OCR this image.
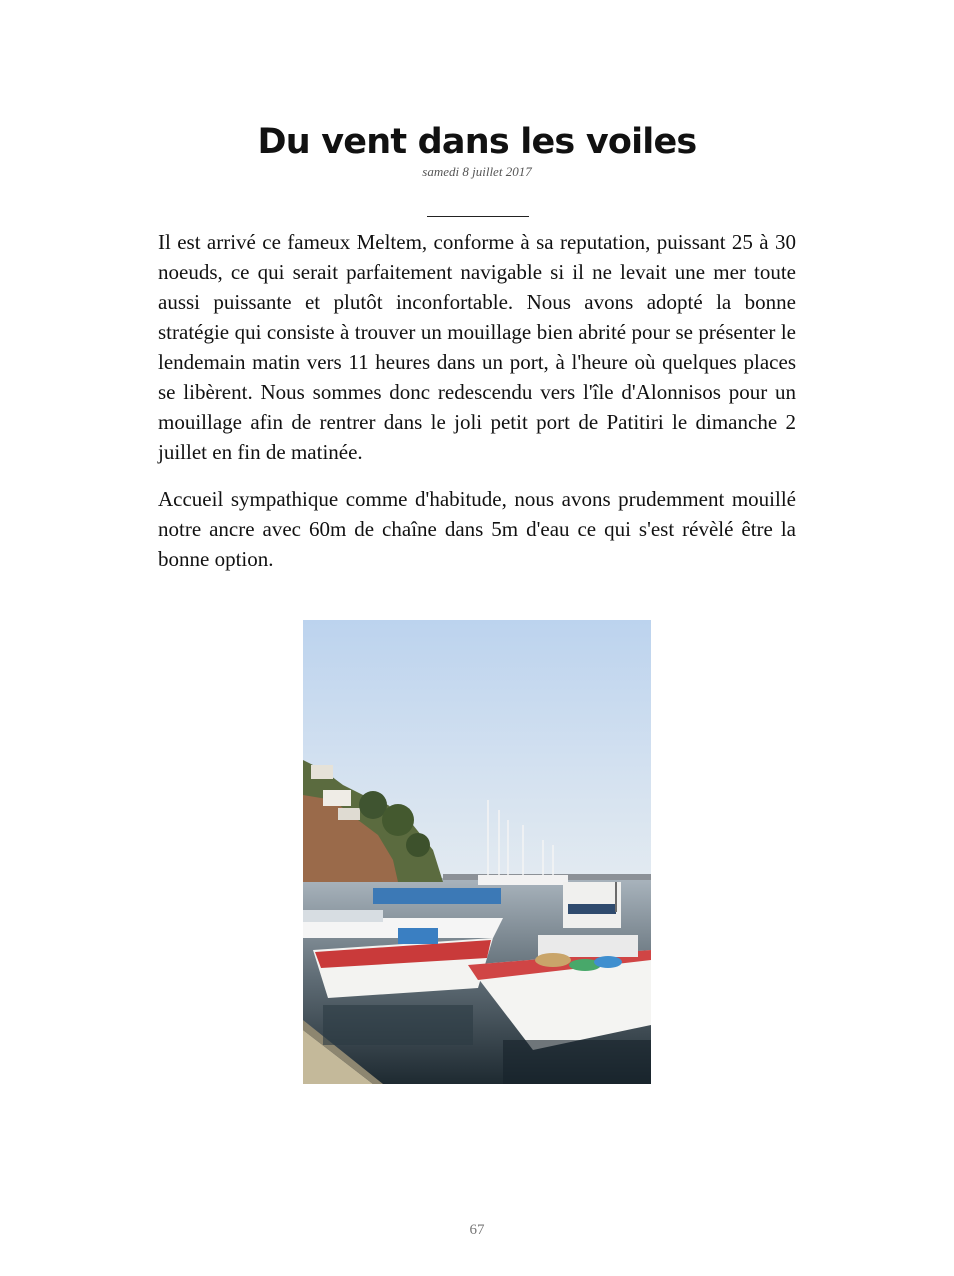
Du vent dans les voiles
samedi 8 juillet 2017

Il est arrivé ce fameux Meltem, conforme à sa reputation, puissant 25 à 30 noeuds, ce qui serait parfaitement navigable si il ne levait une mer toute aussi puissante et plutôt inconfortable. Nous avons adopté la bonne stratégie qui consiste à trouver un mouillage bien abrité pour se présenter le lendemain matin vers 11 heures dans un port, à l'heure où quelques places se libèrent. Nous sommes donc redescendu vers l'île d'Alonnisos pour un mouillage afin de rentrer dans le joli petit port de Patitiri le dimanche 2 juillet en fin de matinée.

Accueil sympathique comme d'habitude, nous avons prudemment mouillé notre ancre avec 60m de chaîne dans 5m d'eau ce qui s'est révèlé être la bonne option.

67
